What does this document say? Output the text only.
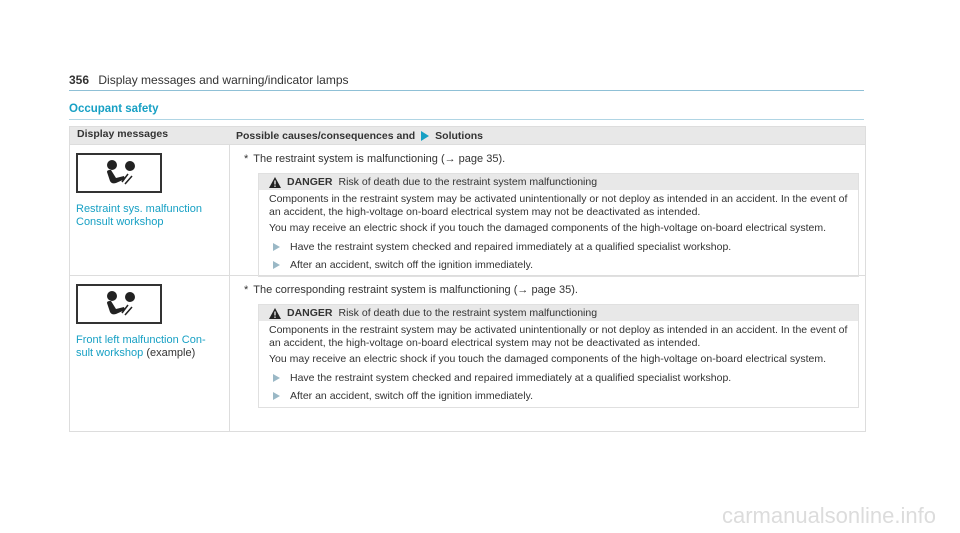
356 Display messages and warning/indicator lamps
Occupant safety
Display messages	Possible causes/consequences and Solutions
Restraint sys. malfunction
Consult workshop
* The restraint system is malfunctioning (→ page 35).
DANGER Risk of death due to the restraint system malfunctioning

Components in the restraint system may be activated unintentionally or not deploy as intended in an accident. In the event of an accident, the high-voltage on-board electrical system may not be deactivated as intended.

You may receive an electric shock if you touch the damaged components of the high-voltage on-board electrical system.

Have the restraint system checked and repaired immediately at a qualified specialist workshop.
After an accident, switch off the ignition immediately.
Front left malfunction Con-
sult workshop (example)
* The corresponding restraint system is malfunctioning (→ page 35).
DANGER Risk of death due to the restraint system malfunctioning

Components in the restraint system may be activated unintentionally or not deploy as intended in an accident. In the event of an accident, the high-voltage on-board electrical system may not be deactivated as intended.

You may receive an electric shock if you touch the damaged components of the high-voltage on-board electrical system.

Have the restraint system checked and repaired immediately at a qualified specialist workshop.
After an accident, switch off the ignition immediately.
carmanualsonline.info
